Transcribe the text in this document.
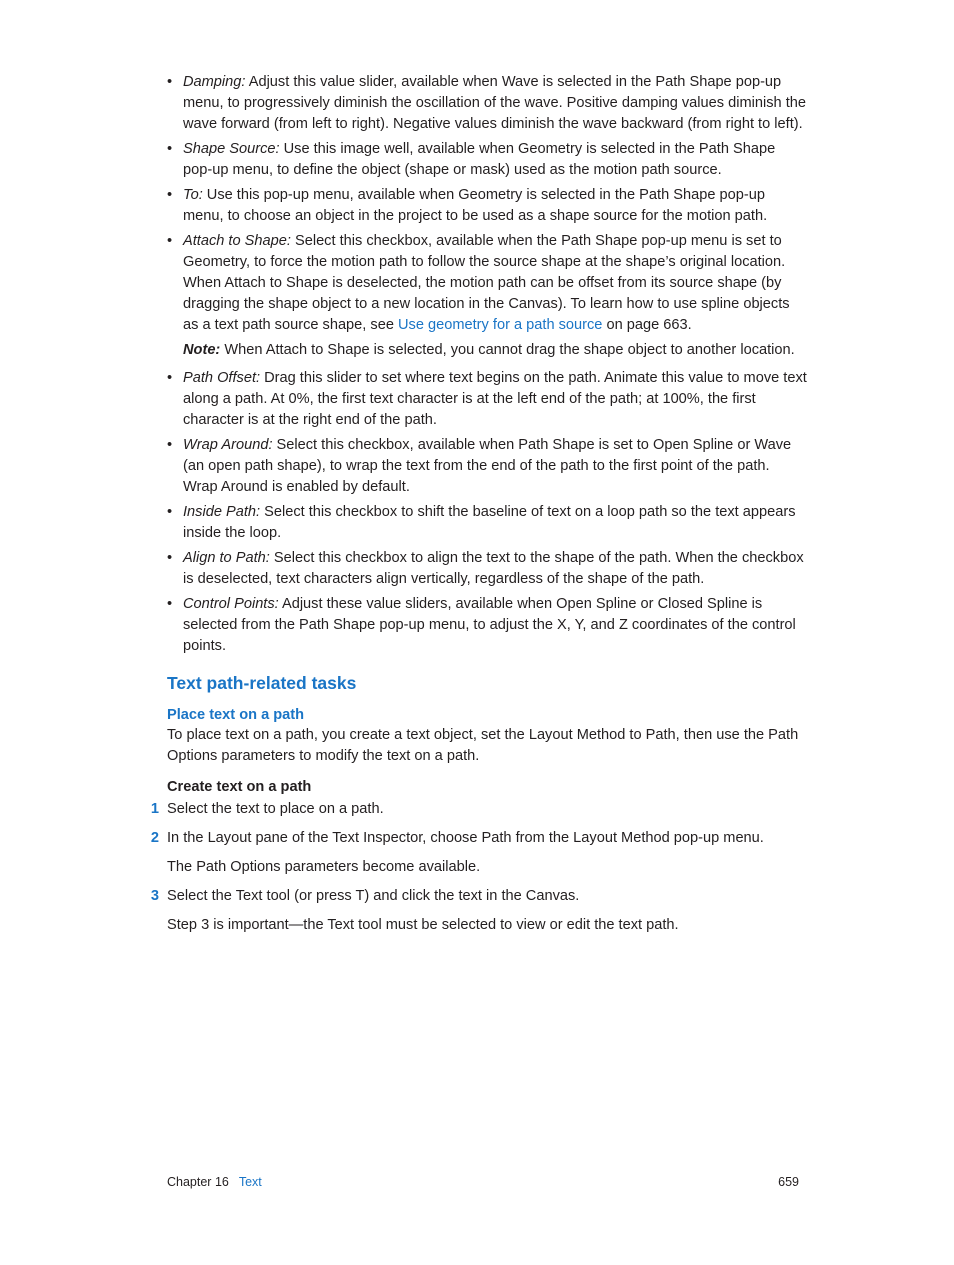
• Damping: Adjust this value slider, available when Wave is selected in the Path Shape pop-up menu, to progressively diminish the oscillation of the wave. Positive damping values diminish the wave forward (from left to right). Negative values diminish the wave backward (from right to left).
• Shape Source: Use this image well, available when Geometry is selected in the Path Shape pop-up menu, to define the object (shape or mask) used as the motion path source.
• To: Use this pop-up menu, available when Geometry is selected in the Path Shape pop-up menu, to choose an object in the project to be used as a shape source for the motion path.
• Attach to Shape: Select this checkbox, available when the Path Shape pop-up menu is set to Geometry, to force the motion path to follow the source shape at the shape’s original location. When Attach to Shape is deselected, the motion path can be offset from its source shape (by dragging the shape object to a new location in the Canvas). To learn how to use spline objects as a text path source shape, see Use geometry for a path source on page 663.
Note: When Attach to Shape is selected, you cannot drag the shape object to another location.
• Path Offset: Drag this slider to set where text begins on the path. Animate this value to move text along a path. At 0%, the first text character is at the left end of the path; at 100%, the first character is at the right end of the path.
• Wrap Around: Select this checkbox, available when Path Shape is set to Open Spline or Wave (an open path shape), to wrap the text from the end of the path to the first point of the path. Wrap Around is enabled by default.
• Inside Path: Select this checkbox to shift the baseline of text on a loop path so the text appears inside the loop.
• Align to Path: Select this checkbox to align the text to the shape of the path. When the checkbox is deselected, text characters align vertically, regardless of the shape of the path.
• Control Points: Adjust these value sliders, available when Open Spline or Closed Spline is selected from the Path Shape pop-up menu, to adjust the X, Y, and Z coordinates of the control points.
Text path-related tasks
Place text on a path
To place text on a path, you create a text object, set the Layout Method to Path, then use the Path Options parameters to modify the text on a path.
Create text on a path
1 Select the text to place on a path.
2 In the Layout pane of the Text Inspector, choose Path from the Layout Method pop-up menu.
The Path Options parameters become available.
3 Select the Text tool (or press T) and click the text in the Canvas.
Step 3 is important—the Text tool must be selected to view or edit the text path.
Chapter 16 Text	659
